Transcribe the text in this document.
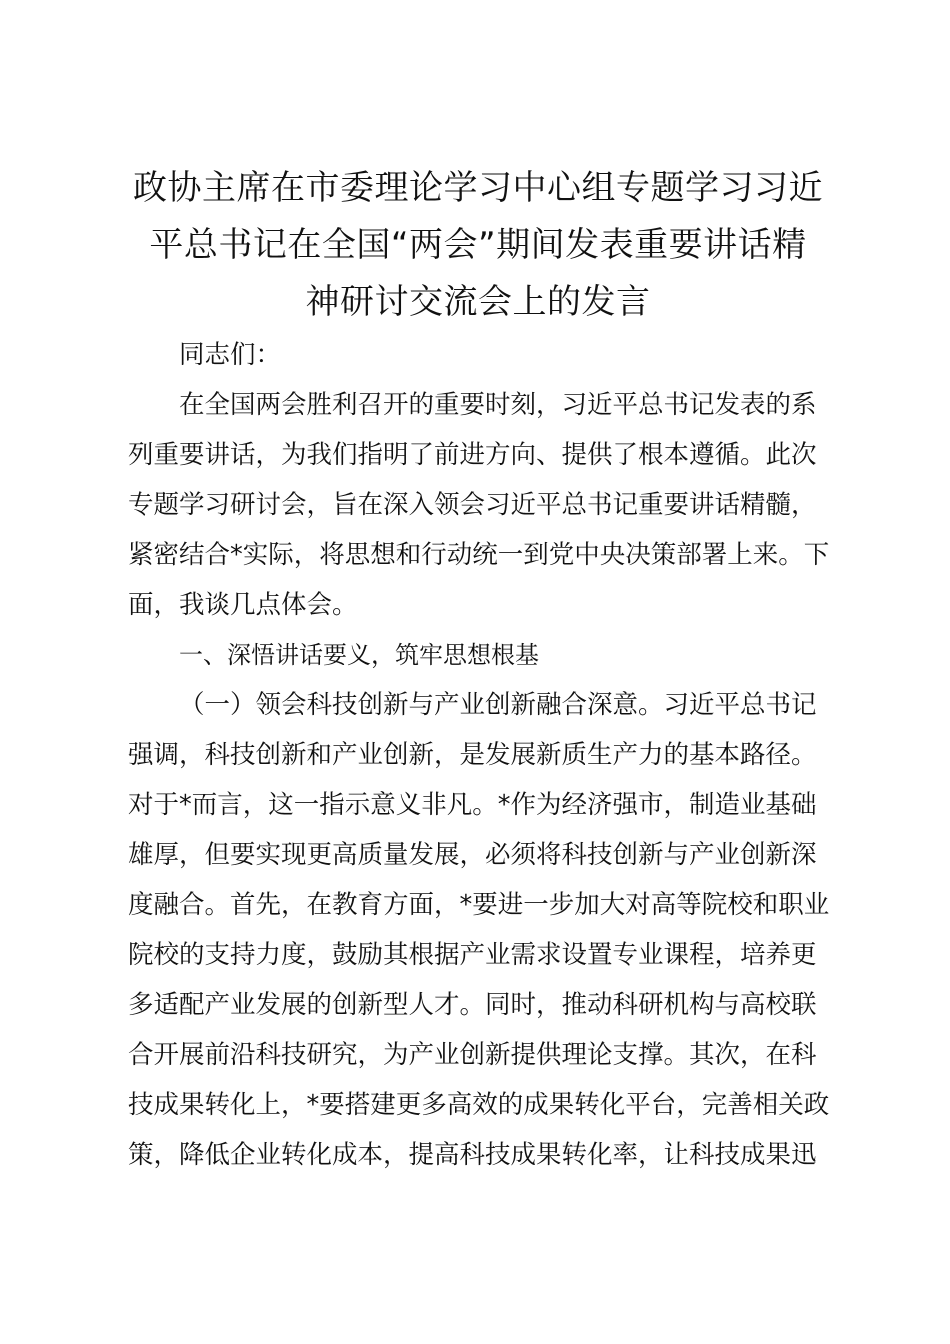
政协主席在市委理论学习中心组专题学习习近
平总书记在全国“两会”期间发表重要讲话精
神研讨交流会上的发言
同志们：
在全国两会胜利召开的重要时刻，习近平总书记发表的系
列重要讲话，为我们指明了前进方向、提供了根本遵循。此次
专题学习研讨会，旨在深入领会习近平总书记重要讲话精髓，
紧密结合*实际，将思想和行动统一到党中央决策部署上来。下
面，我谈几点体会。
一、深悟讲话要义，筑牢思想根基
（一）领会科技创新与产业创新融合深意。习近平总书记
强调，科技创新和产业创新，是发展新质生产力的基本路径。
对于*而言，这一指示意义非凡。*作为经济强市，制造业基础
雄厚，但要实现更高质量发展，必须将科技创新与产业创新深
度融合。首先，在教育方面，*要进一步加大对高等院校和职业
院校的支持力度，鼓励其根据产业需求设置专业课程，培养更
多适配产业发展的创新型人才。同时，推动科研机构与高校联
合开展前沿科技研究，为产业创新提供理论支撑。其次，在科
技成果转化上，*要搭建更多高效的成果转化平台，完善相关政
策，降低企业转化成本，提高科技成果转化率，让科技成果迅
